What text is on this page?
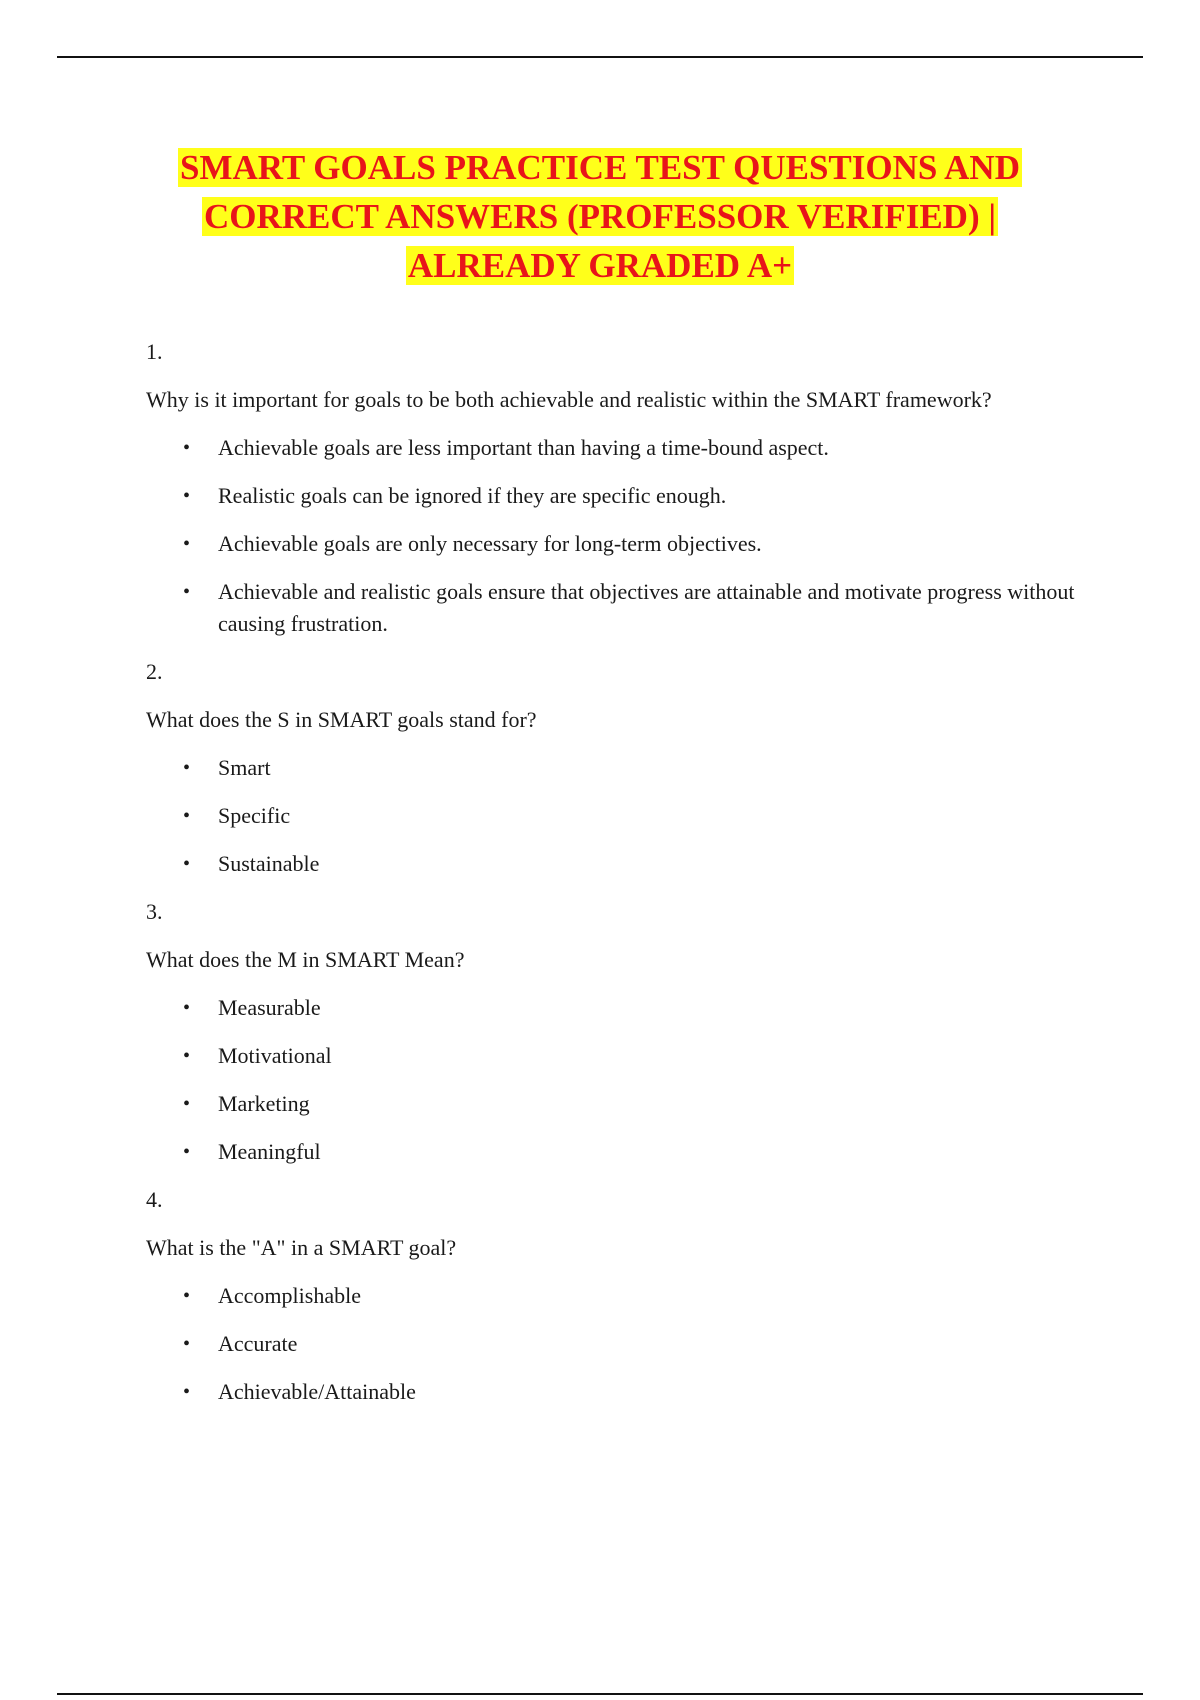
SMART GOALS PRACTICE TEST QUESTIONS AND
CORRECT ANSWERS (PROFESSOR VERIFIED) |
ALREADY GRADED A+
1.
Why is it important for goals to be both achievable and realistic within the SMART framework?
• Achievable goals are less important than having a time-bound aspect.
• Realistic goals can be ignored if they are specific enough.
• Achievable goals are only necessary for long-term objectives.
• Achievable and realistic goals ensure that objectives are attainable and motivate progress without causing frustration.
2.
What does the S in SMART goals stand for?
• Smart
• Specific
• Sustainable
3.
What does the M in SMART Mean?
• Measurable
• Motivational
• Marketing
• Meaningful
4.
What is the "A" in a SMART goal?
• Accomplishable
• Accurate
• Achievable/Attainable
